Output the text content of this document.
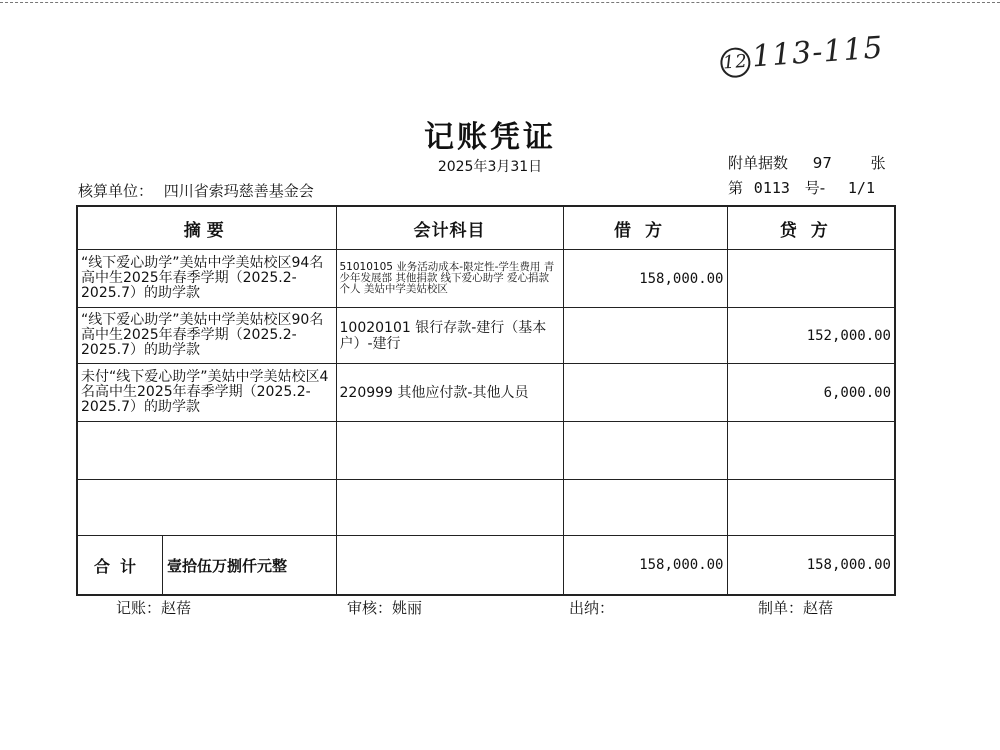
12113-115
记账凭证
2025年3月31日
核算单位： 四川省索玛慈善基金会
附单据数 97	张
第 0113 号- 1/1
摘要	会计科目	借方	贷方
“线下爱心助学”美姑中学美姑校区94名高中生2025年春季学期（2025.2-2025.7）的助学款	51010105 业务活动成本-限定性-学生费用 青少年发展部 其他捐款 线下爱心助学 爱心捐款 个人 美姑中学美姑校区	158,000.00	
“线下爱心助学”美姑中学美姑校区90名高中生2025年春季学期（2025.2-2025.7）的助学款	10020101 银行存款-建行（基本户）-建行		152,000.00
未付“线下爱心助学”美姑中学美姑校区4名高中生2025年春季学期（2025.2-2025.7）的助学款	220999 其他应付款-其他人员		6,000.00

合计 壹拾伍万捌仟元整		158,000.00	158,000.00
记账：赵蓓	审核：姚丽	出纳：	制单：赵蓓
